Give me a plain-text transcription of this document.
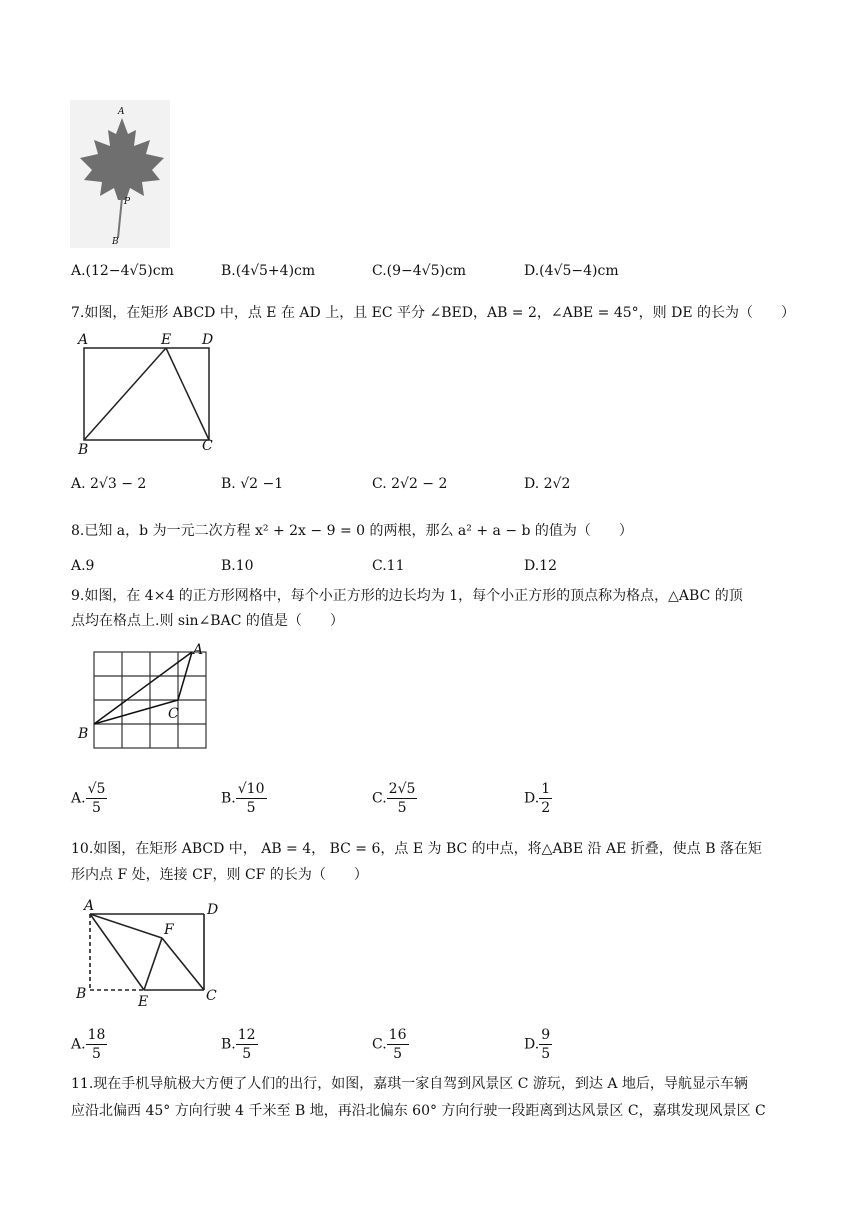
A
P
B
A.(12−4√5)cm	B.(4√5+4)cm	C.(9−4√5)cm	D.(4√5−4)cm
7.如图，在矩形 ABCD 中，点 E 在 AD 上，且 EC 平分 ∠BED，AB = 2，∠ABE = 45°，则 DE 的长为（　　）
A	E D
B	C
A. 2√3 − 2	B. √2 −1	C. 2√2 − 2	D. 2√2
8.已知 a，b 为一元二次方程 x² + 2x − 9 = 0 的两根，那么 a² + a − b 的值为（　　）
A.9	B.10	C.11	D.12
9.如图，在 4×4 的正方形网格中，每个小正方形的边长均为 1，每个小正方形的顶点称为格点，△ABC 的顶
点均在格点上.则 sin∠BAC 的值是（　　）
A
B
C
A. $\frac{√5}{5}$	B. $\frac{√10}{5}$	C. $\frac{2√5}{5}$	D. $\frac{1}{2}$
10.如图，在矩形 ABCD 中， AB = 4， BC = 6，点 E 为 BC 的中点，将△ABE 沿 AE 折叠，使点 B 落在矩
形内点 F 处，连接 CF，则 CF 的长为（　　）
A	D
F
B	E	C
A. $\frac{18}{5}$	B. $\frac{12}{5}$	C. $\frac{16}{5}$	D. $\frac{9}{5}$
11.现在手机导航极大方便了人们的出行，如图，嘉琪一家自驾到风景区 C 游玩，到达 A 地后，导航显示车辆
应沿北偏西 45° 方向行驶 4 千米至 B 地，再沿北偏东 60° 方向行驶一段距离到达风景区 C，嘉琪发现风景区 C
